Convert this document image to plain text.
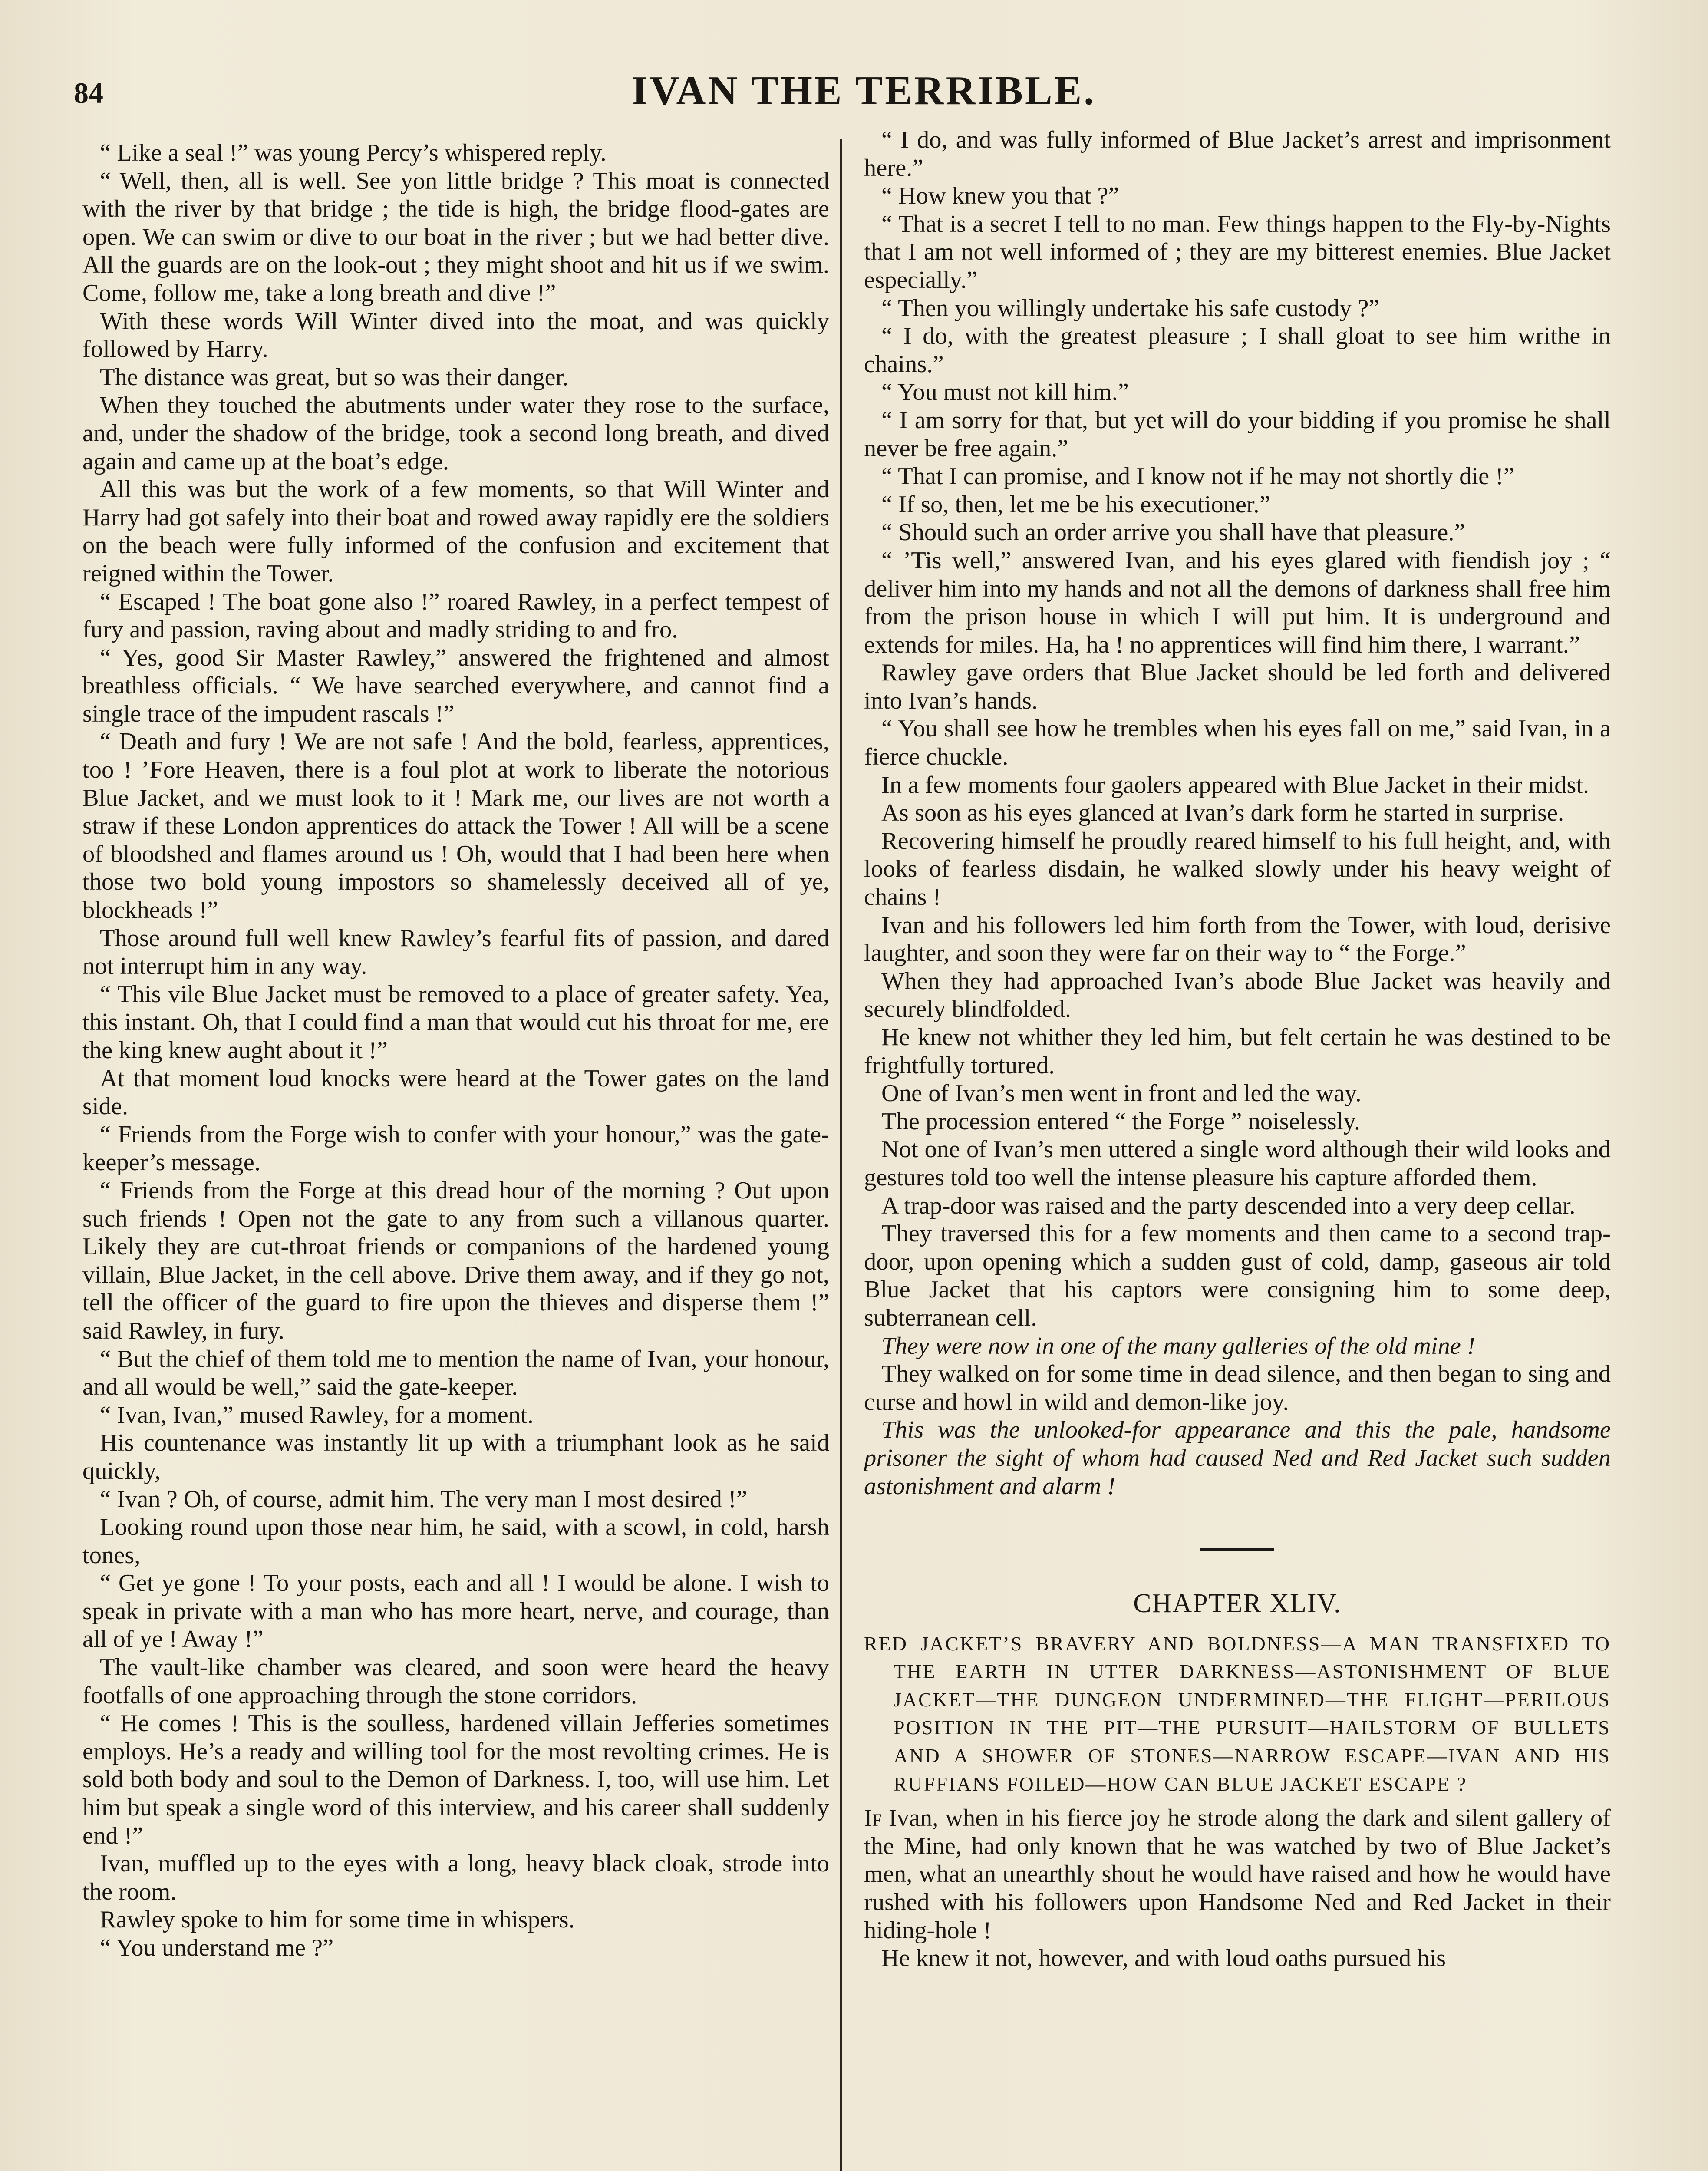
84	IVAN THE TERRIBLE.

“ Like a seal !” was young Percy’s whispered reply.

“ Well, then, all is well. See yon little bridge ? This moat is connected with the river by that bridge ; the tide is high, the bridge flood-gates are open. We can swim or dive to our boat in the river ; but we had better dive. All the guards are on the look-out ; they might shoot and hit us if we swim. Come, follow me, take a long breath and dive !”

With these words Will Winter dived into the moat, and was quickly followed by Harry.

The distance was great, but so was their danger.

When they touched the abutments under water they rose to the surface, and, under the shadow of the bridge, took a second long breath, and dived again and came up at the boat’s edge.

All this was but the work of a few moments, so that Will Winter and Harry had got safely into their boat and rowed away rapidly ere the soldiers on the beach were fully informed of the confusion and excitement that reigned within the Tower.

“ Escaped ! The boat gone also !” roared Rawley, in a perfect tempest of fury and passion, raving about and madly striding to and fro.

“ Yes, good Sir Master Rawley,” answered the frightened and almost breathless officials. “ We have searched everywhere, and cannot find a single trace of the impudent rascals !”

“ Death and fury ! We are not safe ! And the bold, fearless, apprentices, too ! ’Fore Heaven, there is a foul plot at work to liberate the notorious Blue Jacket, and we must look to it ! Mark me, our lives are not worth a straw if these London apprentices do attack the Tower ! All will be a scene of bloodshed and flames around us ! Oh, would that I had been here when those two bold young impostors so shamelessly deceived all of ye, blockheads !”

Those around full well knew Rawley’s fearful fits of passion, and dared not interrupt him in any way.

“ This vile Blue Jacket must be removed to a place of greater safety. Yea, this instant. Oh, that I could find a man that would cut his throat for me, ere the king knew aught about it !”

At that moment loud knocks were heard at the Tower gates on the land side.

“ Friends from the Forge wish to confer with your honour,” was the gate-keeper’s message.

“ Friends from the Forge at this dread hour of the morning ? Out upon such friends ! Open not the gate to any from such a villanous quarter. Likely they are cut-throat friends or companions of the hardened young villain, Blue Jacket, in the cell above. Drive them away, and if they go not, tell the officer of the guard to fire upon the thieves and disperse them !” said Rawley, in fury.

“ But the chief of them told me to mention the name of Ivan, your honour, and all would be well,” said the gate-keeper.

“ Ivan, Ivan,” mused Rawley, for a moment.

His countenance was instantly lit up with a triumphant look as he said quickly,

“ Ivan ? Oh, of course, admit him. The very man I most desired !”

Looking round upon those near him, he said, with a scowl, in cold, harsh tones,

“ Get ye gone ! To your posts, each and all ! I would be alone. I wish to speak in private with a man who has more heart, nerve, and courage, than all of ye ! Away !”

The vault-like chamber was cleared, and soon were heard the heavy footfalls of one approaching through the stone corridors.

“ He comes ! This is the soulless, hardened villain Jefferies sometimes employs. He’s a ready and willing tool for the most revolting crimes. He is sold both body and soul to the Demon of Darkness. I, too, will use him. Let him but speak a single word of this interview, and his career shall suddenly end !”

Ivan, muffled up to the eyes with a long, heavy black cloak, strode into the room.

Rawley spoke to him for some time in whispers.

“ You understand me ?”

“ I do, and was fully informed of Blue Jacket’s arrest and imprisonment here.”

“ How knew you that ?”

“ That is a secret I tell to no man. Few things happen to the Fly-by-Nights that I am not well informed of ; they are my bitterest enemies. Blue Jacket especially.”

“ Then you willingly undertake his safe custody ?”

“ I do, with the greatest pleasure ; I shall gloat to see him writhe in chains.”

“ You must not kill him.”

“ I am sorry for that, but yet will do your bidding if you promise he shall never be free again.”

“ That I can promise, and I know not if he may not shortly die !”

“ If so, then, let me be his executioner.”

“ Should such an order arrive you shall have that pleasure.”

“ ’Tis well,” answered Ivan, and his eyes glared with fiendish joy ; “ deliver him into my hands and not all the demons of darkness shall free him from the prison house in which I will put him. It is underground and extends for miles. Ha, ha ! no apprentices will find him there, I warrant.”

Rawley gave orders that Blue Jacket should be led forth and delivered into Ivan’s hands.

“ You shall see how he trembles when his eyes fall on me,” said Ivan, in a fierce chuckle.

In a few moments four gaolers appeared with Blue Jacket in their midst.

As soon as his eyes glanced at Ivan’s dark form he started in surprise.

Recovering himself he proudly reared himself to his full height, and, with looks of fearless disdain, he walked slowly under his heavy weight of chains !

Ivan and his followers led him forth from the Tower, with loud, derisive laughter, and soon they were far on their way to “ the Forge.”

When they had approached Ivan’s abode Blue Jacket was heavily and securely blindfolded.

He knew not whither they led him, but felt certain he was destined to be frightfully tortured.

One of Ivan’s men went in front and led the way.

The procession entered “ the Forge ” noiselessly.

Not one of Ivan’s men uttered a single word although their wild looks and gestures told too well the intense pleasure his capture afforded them.

A trap-door was raised and the party descended into a very deep cellar.

They traversed this for a few moments and then came to a second trap-door, upon opening which a sudden gust of cold, damp, gaseous air told Blue Jacket that his captors were consigning him to some deep, subterranean cell.

They were now in one of the many galleries of the old mine !

They walked on for some time in dead silence, and then began to sing and curse and howl in wild and demon-like joy.

This was the unlooked-for appearance and this the pale, handsome prisoner the sight of whom had caused Ned and Red Jacket such sudden astonishment and alarm !

CHAPTER XLIV.
RED JACKET’S BRAVERY AND BOLDNESS—A MAN TRANSFIXED TO THE EARTH IN UTTER DARKNESS—ASTONISHMENT OF BLUE JACKET—THE DUNGEON UNDERMINED—THE FLIGHT—PERILOUS POSITION IN THE PIT—THE PURSUIT—HAILSTORM OF BULLETS AND A SHOWER OF STONES—NARROW ESCAPE—IVAN AND HIS RUFFIANS FOILED—HOW CAN BLUE JACKET ESCAPE ?

If Ivan, when in his fierce joy he strode along the dark and silent gallery of the Mine, had only known that he was watched by two of Blue Jacket’s men, what an unearthly shout he would have raised and how he would have rushed with his followers upon Handsome Ned and Red Jacket in their hiding-hole !

He knew it not, however, and with loud oaths pursued his
